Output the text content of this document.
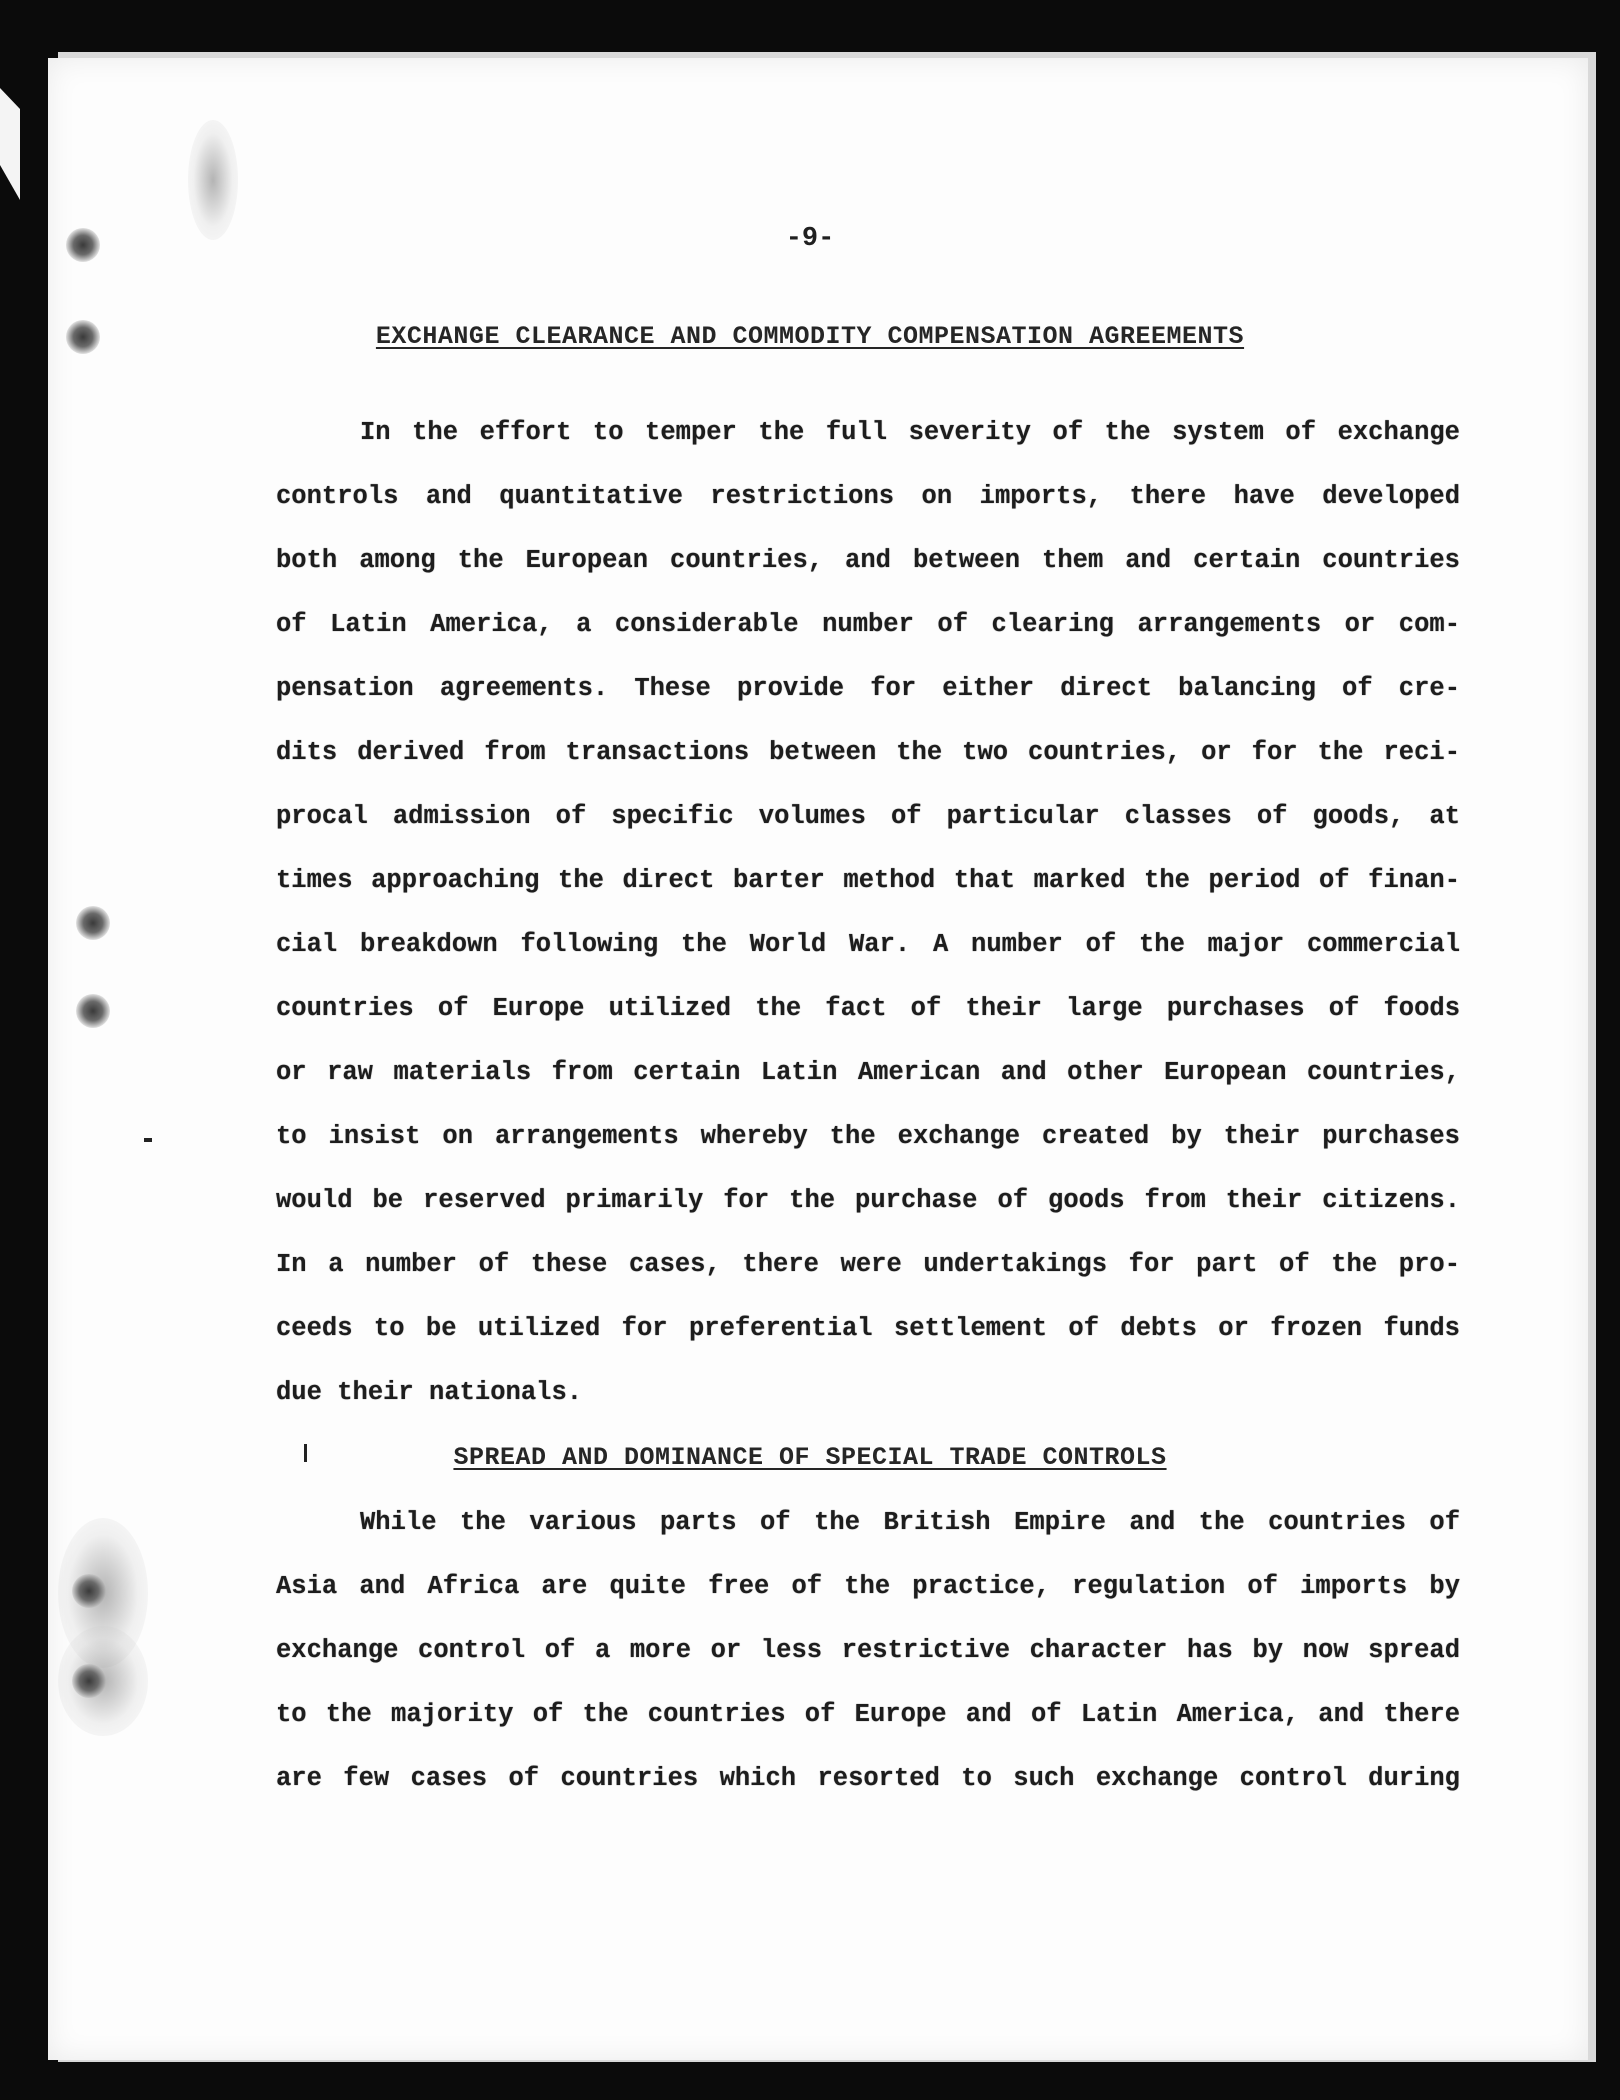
-9-
EXCHANGE CLEARANCE AND COMMODITY COMPENSATION AGREEMENTS
In the effort to temper the full severity of the system of exchange
controls and quantitative restrictions on imports, there have developed
both among the European countries, and between them and certain countries
of Latin America, a considerable number of clearing arrangements or com-
pensation agreements. These provide for either direct balancing of cre-
dits derived from transactions between the two countries, or for the reci-
procal admission of specific volumes of particular classes of goods, at
times approaching the direct barter method that marked the period of finan-
cial breakdown following the World War. A number of the major commercial
countries of Europe utilized the fact of their large purchases of foods
or raw materials from certain Latin American and other European countries,
to insist on arrangements whereby the exchange created by their purchases
would be reserved primarily for the purchase of goods from their citizens.
In a number of these cases, there were undertakings for part of the pro-
ceeds to be utilized for preferential settlement of debts or frozen funds
due their nationals.
SPREAD AND DOMINANCE OF SPECIAL TRADE CONTROLS
While the various parts of the British Empire and the countries of
Asia and Africa are quite free of the practice, regulation of imports by
exchange control of a more or less restrictive character has by now spread
to the majority of the countries of Europe and of Latin America, and there
are few cases of countries which resorted to such exchange control during
